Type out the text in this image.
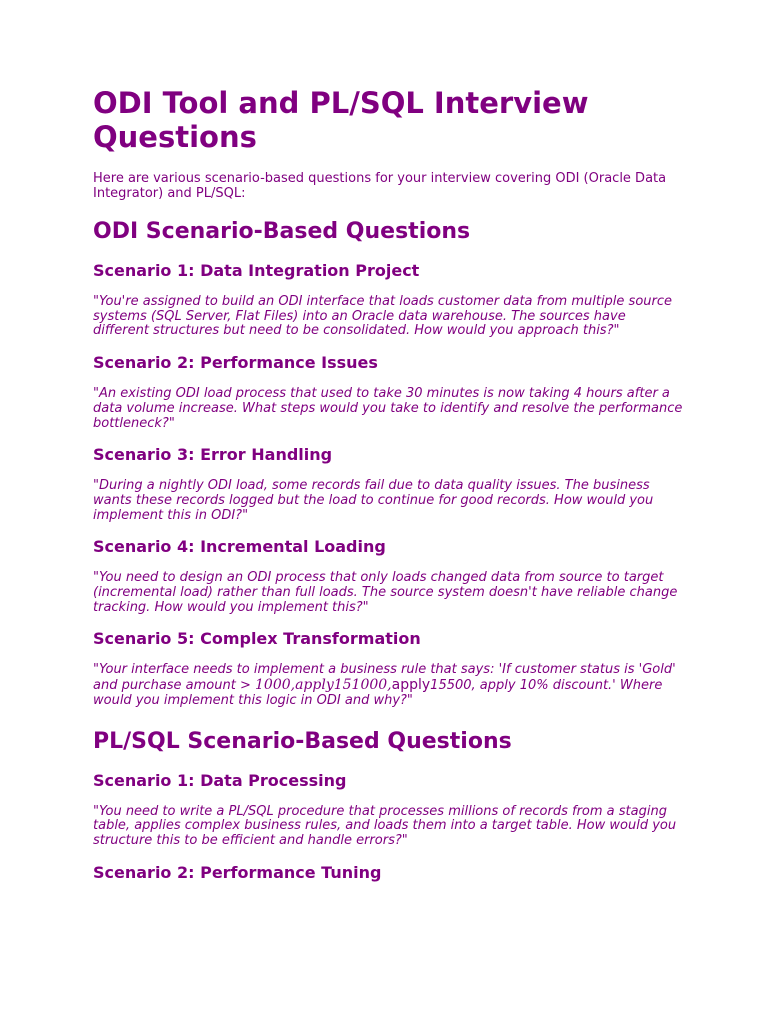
ODI Tool and PL/SQL Interview Questions

Here are various scenario-based questions for your interview covering ODI (Oracle Data Integrator) and PL/SQL:

ODI Scenario-Based Questions
Scenario 1: Data Integration Project

"You're assigned to build an ODI interface that loads customer data from multiple source systems (SQL Server, Flat Files) into an Oracle data warehouse. The sources have different structures but need to be consolidated. How would you approach this?"

Scenario 2: Performance Issues

"An existing ODI load process that used to take 30 minutes is now taking 4 hours after a data volume increase. What steps would you take to identify and resolve the performance bottleneck?"

Scenario 3: Error Handling

"During a nightly ODI load, some records fail due to data quality issues. The business wants these records logged but the load to continue for good records. How would you implement this in ODI?"

Scenario 4: Incremental Loading

"You need to design an ODI process that only loads changed data from source to target (incremental load) rather than full loads. The source system doesn't have reliable change tracking. How would you implement this?"

Scenario 5: Complex Transformation

"Your interface needs to implement a business rule that says: 'If customer status is 'Gold' and purchase amount > 1000,apply151000,apply15500, apply 10% discount.' Where would you implement this logic in ODI and why?"

PL/SQL Scenario-Based Questions
Scenario 1: Data Processing

"You need to write a PL/SQL procedure that processes millions of records from a staging table, applies complex business rules, and loads them into a target table. How would you structure this to be efficient and handle errors?"

Scenario 2: Performance Tuning
